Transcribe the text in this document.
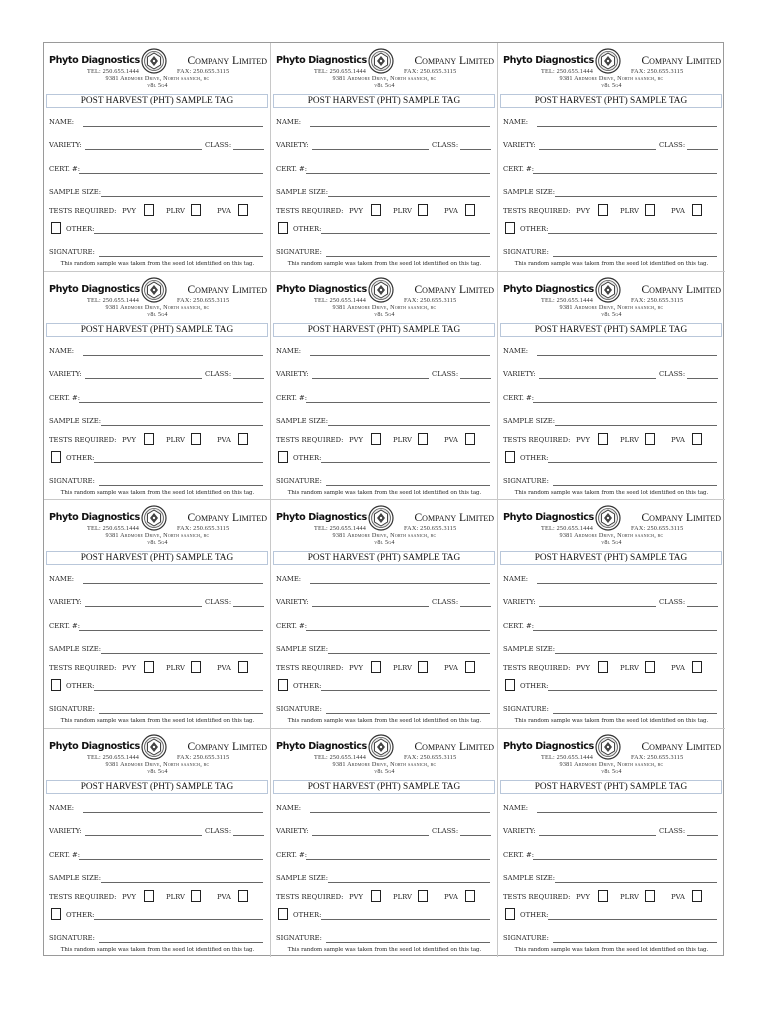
Phyto Diagnostics	Company Limited
TEL: 250.655.1444	FAX: 250.655.3115
9381 Ardmore Drive, North saanich, bc
v8l 5g4
POST HARVEST (PHT) SAMPLE TAG
NAME:
VARIETY:	CLASS:
CERT. #:
SAMPLE SIZE:
TESTS REQUIRED: PVY	PLRV	PVA
OTHER:
SIGNATURE:
This random sample was taken from the seed lot identified on this tag.
Phyto Diagnostics	Company Limited
TEL: 250.655.1444	FAX: 250.655.3115
9381 Ardmore Drive, North saanich, bc
v8l 5g4
POST HARVEST (PHT) SAMPLE TAG
NAME:
VARIETY:	CLASS:
CERT. #:
SAMPLE SIZE:
TESTS REQUIRED: PVY	PLRV	PVA
OTHER:
SIGNATURE:
This random sample was taken from the seed lot identified on this tag.
Phyto Diagnostics	Company Limited
TEL: 250.655.1444	FAX: 250.655.3115
9381 Ardmore Drive, North saanich, bc
v8l 5g4
POST HARVEST (PHT) SAMPLE TAG
NAME:
VARIETY:	CLASS:
CERT. #:
SAMPLE SIZE:
TESTS REQUIRED: PVY	PLRV	PVA
OTHER:
SIGNATURE:
This random sample was taken from the seed lot identified on this tag.
Phyto Diagnostics	Company Limited
TEL: 250.655.1444	FAX: 250.655.3115
9381 Ardmore Drive, North saanich, bc
v8l 5g4
POST HARVEST (PHT) SAMPLE TAG
NAME:
VARIETY:	CLASS:
CERT. #:
SAMPLE SIZE:
TESTS REQUIRED: PVY	PLRV	PVA
OTHER:
SIGNATURE:
This random sample was taken from the seed lot identified on this tag.
Phyto Diagnostics	Company Limited
TEL: 250.655.1444	FAX: 250.655.3115
9381 Ardmore Drive, North saanich, bc
v8l 5g4
POST HARVEST (PHT) SAMPLE TAG
NAME:
VARIETY:	CLASS:
CERT. #:
SAMPLE SIZE:
TESTS REQUIRED: PVY	PLRV	PVA
OTHER:
SIGNATURE:
This random sample was taken from the seed lot identified on this tag.
Phyto Diagnostics	Company Limited
TEL: 250.655.1444	FAX: 250.655.3115
9381 Ardmore Drive, North saanich, bc
v8l 5g4
POST HARVEST (PHT) SAMPLE TAG
NAME:
VARIETY:	CLASS:
CERT. #:
SAMPLE SIZE:
TESTS REQUIRED: PVY	PLRV	PVA
OTHER:
SIGNATURE:
This random sample was taken from the seed lot identified on this tag.
Phyto Diagnostics	Company Limited
TEL: 250.655.1444	FAX: 250.655.3115
9381 Ardmore Drive, North saanich, bc
v8l 5g4
POST HARVEST (PHT) SAMPLE TAG
NAME:
VARIETY:	CLASS:
CERT. #:
SAMPLE SIZE:
TESTS REQUIRED: PVY	PLRV	PVA
OTHER:
SIGNATURE:
This random sample was taken from the seed lot identified on this tag.
Phyto Diagnostics	Company Limited
TEL: 250.655.1444	FAX: 250.655.3115
9381 Ardmore Drive, North saanich, bc
v8l 5g4
POST HARVEST (PHT) SAMPLE TAG
NAME:
VARIETY:	CLASS:
CERT. #:
SAMPLE SIZE:
TESTS REQUIRED: PVY	PLRV	PVA
OTHER:
SIGNATURE:
This random sample was taken from the seed lot identified on this tag.
Phyto Diagnostics	Company Limited
TEL: 250.655.1444	FAX: 250.655.3115
9381 Ardmore Drive, North saanich, bc
v8l 5g4
POST HARVEST (PHT) SAMPLE TAG
NAME:
VARIETY:	CLASS:
CERT. #:
SAMPLE SIZE:
TESTS REQUIRED: PVY	PLRV	PVA
OTHER:
SIGNATURE:
This random sample was taken from the seed lot identified on this tag.
Phyto Diagnostics	Company Limited
TEL: 250.655.1444	FAX: 250.655.3115
9381 Ardmore Drive, North saanich, bc
v8l 5g4
POST HARVEST (PHT) SAMPLE TAG
NAME:
VARIETY:	CLASS:
CERT. #:
SAMPLE SIZE:
TESTS REQUIRED: PVY	PLRV	PVA
OTHER:
SIGNATURE:
This random sample was taken from the seed lot identified on this tag.
Phyto Diagnostics	Company Limited
TEL: 250.655.1444	FAX: 250.655.3115
9381 Ardmore Drive, North saanich, bc
v8l 5g4
POST HARVEST (PHT) SAMPLE TAG
NAME:
VARIETY:	CLASS:
CERT. #:
SAMPLE SIZE:
TESTS REQUIRED: PVY	PLRV	PVA
OTHER:
SIGNATURE:
This random sample was taken from the seed lot identified on this tag.
Phyto Diagnostics	Company Limited
TEL: 250.655.1444	FAX: 250.655.3115
9381 Ardmore Drive, North saanich, bc
v8l 5g4
POST HARVEST (PHT) SAMPLE TAG
NAME:
VARIETY:	CLASS:
CERT. #:
SAMPLE SIZE:
TESTS REQUIRED: PVY	PLRV	PVA
OTHER:
SIGNATURE:
This random sample was taken from the seed lot identified on this tag.
